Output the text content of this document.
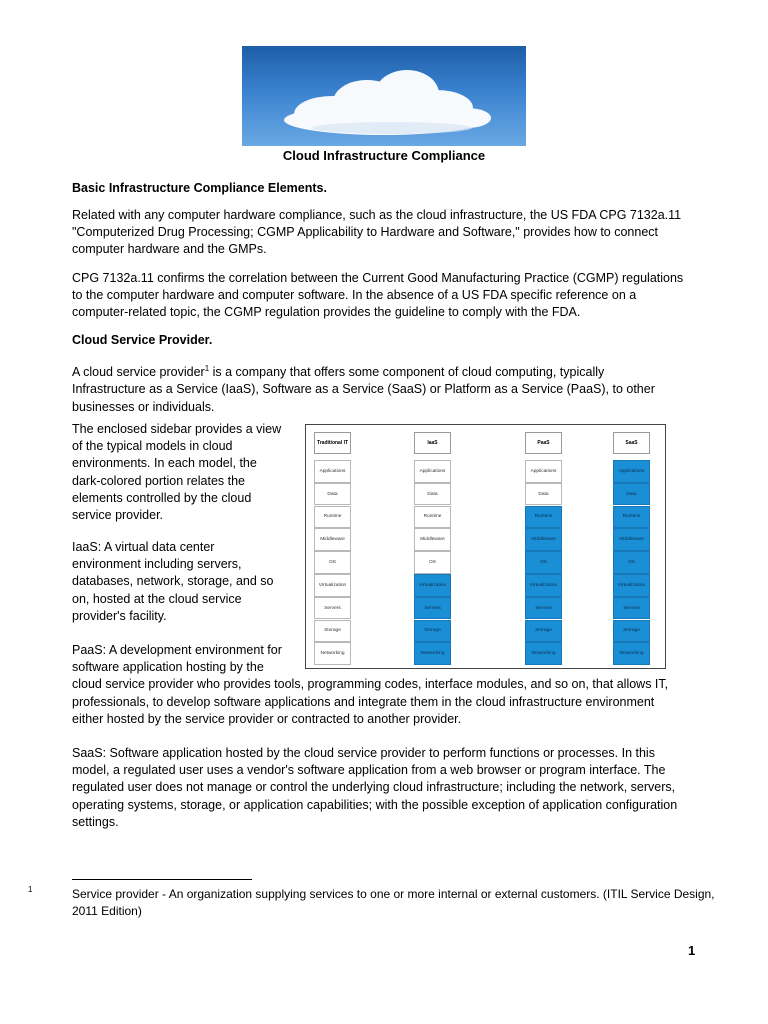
Cloud Infrastructure Compliance
Basic Infrastructure Compliance Elements.
Related with any computer hardware compliance, such as the cloud infrastructure, the US FDA CPG 7132a.11
"Computerized Drug Processing; CGMP Applicability to Hardware and Software," provides how to connect
computer hardware and the GMPs.
CPG 7132a.11 confirms the correlation between the Current Good Manufacturing Practice (CGMP) regulations
to the computer hardware and computer software. In the absence of a US FDA specific reference on a
computer-related topic, the CGMP regulation provides the guideline to comply with the FDA.
Cloud Service Provider.
A cloud service provider$^1$ is a company that offers some component of cloud computing, typically
Infrastructure as a Service (IaaS), Software as a Service (SaaS) or Platform as a Service (PaaS), to other
businesses or individuals.
The enclosed sidebar provides a view
of the typical models in cloud
environments. In each model, the
dark-colored portion relates the
elements controlled by the cloud
service provider.
IaaS: A virtual data center
environment including servers,
databases, network, storage, and so
on, hosted at the cloud service
provider's facility.
PaaS: A development environment for
software application hosting by the
cloud service provider who provides tools, programming codes, interface modules, and so on, that allows IT,
professionals, to develop software applications and integrate them in the cloud infrastructure environment
either hosted by the service provider or contracted to another provider.
SaaS: Software application hosted by the cloud service provider to perform functions or processes. In this
model, a regulated user uses a vendor's software application from a web browser or program interface. The
regulated user does not manage or control the underlying cloud infrastructure; including the network, servers,
operating systems, storage, or application capabilities; with the possible exception of application configuration
settings.
Traditional IT
Applications
Data
Runtime
Middleware
OS
Virtualization
Servers
Storage
Networking
IaaS
Applications
Data
Runtime
Middleware
OS
Virtualization
Servers
Storage
Networking
PaaS
Applications
Data
Runtime
Middleware
OS
Virtualization
Servers
Storage
Networking
SaaS
Applications
Data
Runtime
Middleware
OS
Virtualization
Servers
Storage
Networking
1	Service provider - An organization supplying services to one or more internal or external customers. (ITIL Service Design,
2011 Edition)
1
